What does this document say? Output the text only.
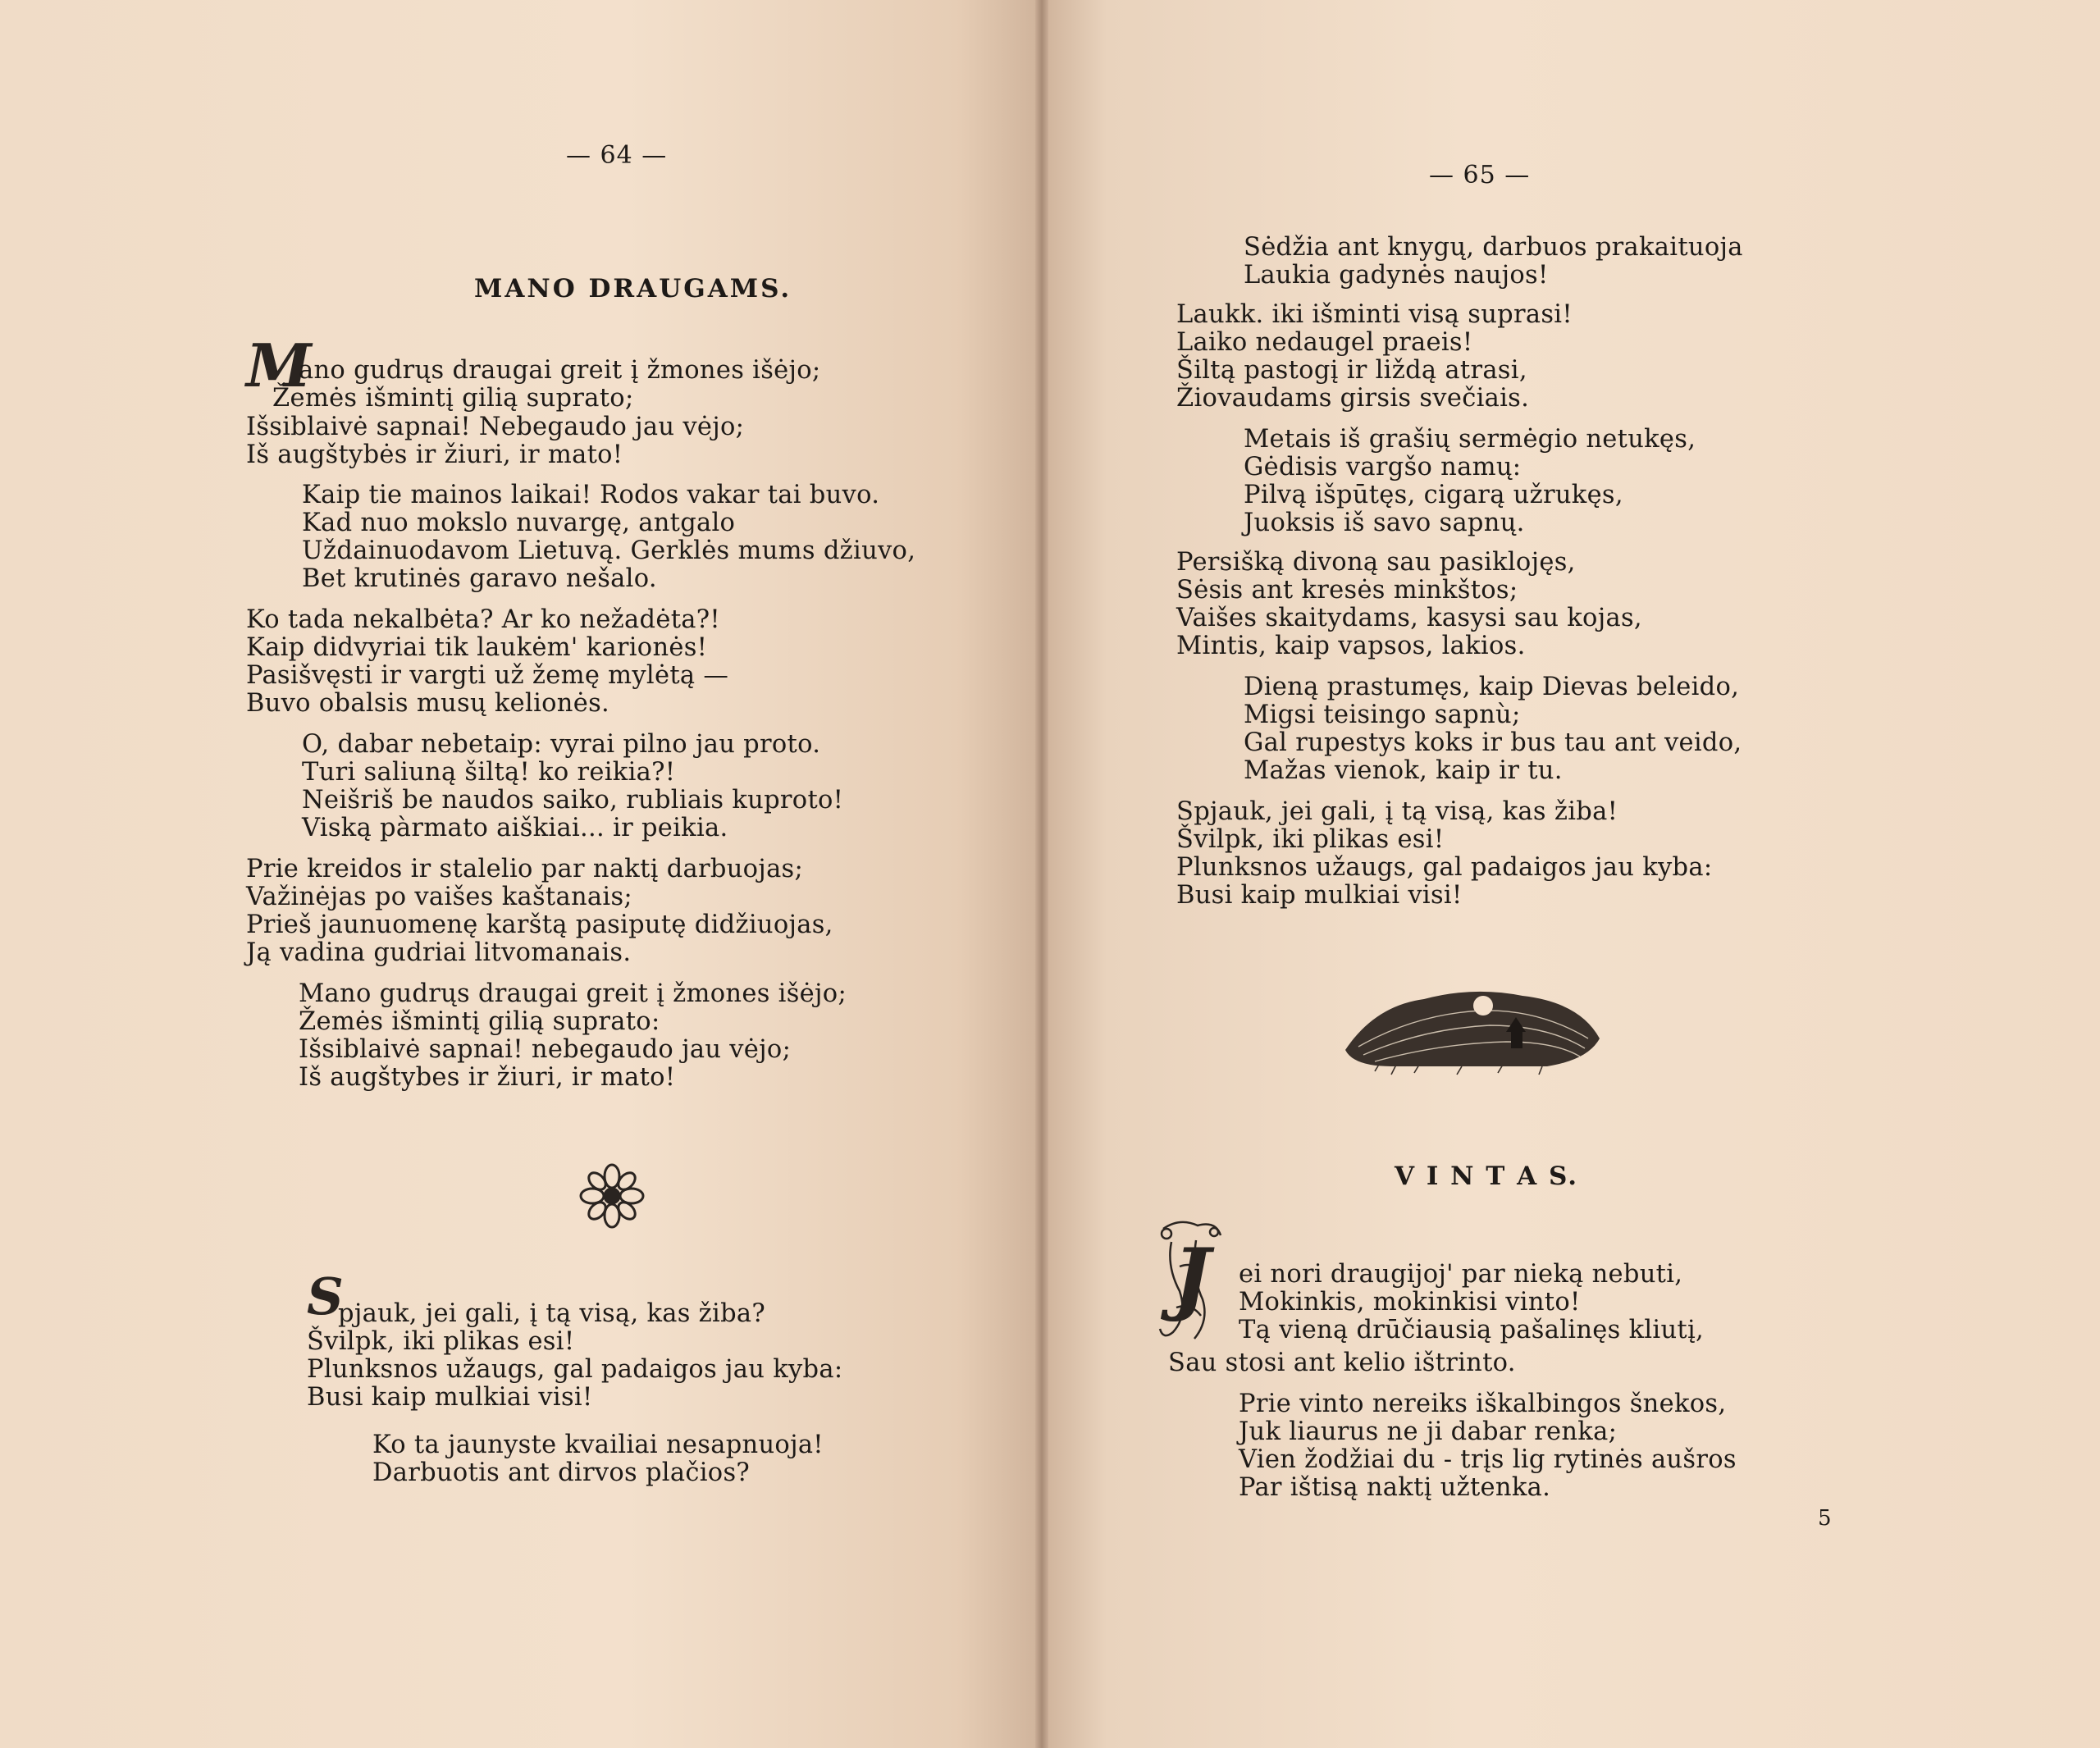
— 64 —
MANO DRAUGAMS.
M
ano gudrųs draugai greit į žmones išėjo;
Žemės išmintį gilią suprato;
Išsiblaivė sapnai! Nebegaudo jau vėjo;
Iš augštybės ir žiuri, ir mato!
Kaip tie mainos laikai! Rodos vakar tai buvo.
Kad nuo mokslo nuvargę, antgalo
Uždainuodavom Lietuvą. Gerklės mums džiuvo,
Bet krutinės garavo nešalo.
Ko tada nekalbėta? Ar ko nežadėta?!
Kaip didvyriai tik laukėm' karionės!
Pasišvęsti ir vargti už žemę mylėtą —
Buvo obalsis musų kelionės.
O, dabar nebetaip: vyrai pilno jau proto.
Turi saliuną šiltą! ko reikia?!
Neišriš be naudos saiko, rubliais kuproto!
Viską pàrmato aiškiai... ir peikia.
Prie kreidos ir stalelio par naktį darbuojas;
Važinėjas po vaišes kaštanais;
Prieš jaunuomenę karštą pasiputę didžiuojas,
Ją vadina gudriai litvomanais.
Mano gudrųs draugai greit į žmones išėjo;
Žemės išmintį gilią suprato:
Išsiblaivė sapnai! nebegaudo jau vėjo;
Iš augštybes ir žiuri, ir mato!
S
pjauk, jei gali, į tą visą, kas žiba?
Švilpk, iki plikas esi!
Plunksnos užaugs, gal padaigos jau kyba:
Busi kaip mulkiai visi!
Ko ta jaunyste kvailiai nesapnuoja!
Darbuotis ant dirvos plačios?
— 65 —
Sėdžia ant knygų, darbuos prakaituoja
Laukia gadynės naujos!
Laukk. iki išminti visą suprasi!
Laiko nedaugel praeis!
Šiltą pastogį ir liždą atrasi,
Žiovaudams girsis svečiais.
Metais iš grašių sermėgio netukęs,
Gėdisis vargšo namų:
Pilvą išpūtęs, cigarą užrukęs,
Juoksis iš savo sapnų.
Persišką divoną sau pasiklojęs,
Sėsis ant kresės minkštos;
Vaišes skaitydams, kasysi sau kojas,
Mintis, kaip vapsos, lakios.
Dieną prastumęs, kaip Dievas beleido,
Migsi teisingo sapnù;
Gal rupestys koks ir bus tau ant veido,
Mažas vienok, kaip ir tu.
Spjauk, jei gali, į tą visą, kas žiba!
Švilpk, iki plikas esi!
Plunksnos užaugs, gal padaigos jau kyba:
Busi kaip mulkiai visi!
V I N T A S.
J ei nori draugijoj' par nieką nebuti,
Mokinkis, mokinkisi vinto!
Tą vieną drūčiausią pašalinęs kliutį,
Sau stosi ant kelio ištrinto.
Prie vinto nereiks iškalbingos šnekos,
Juk liaurus ne ji dabar renka;
Vien žodžiai du - trįs lig rytinės aušros
Par ištisą naktį užtenka.
5
